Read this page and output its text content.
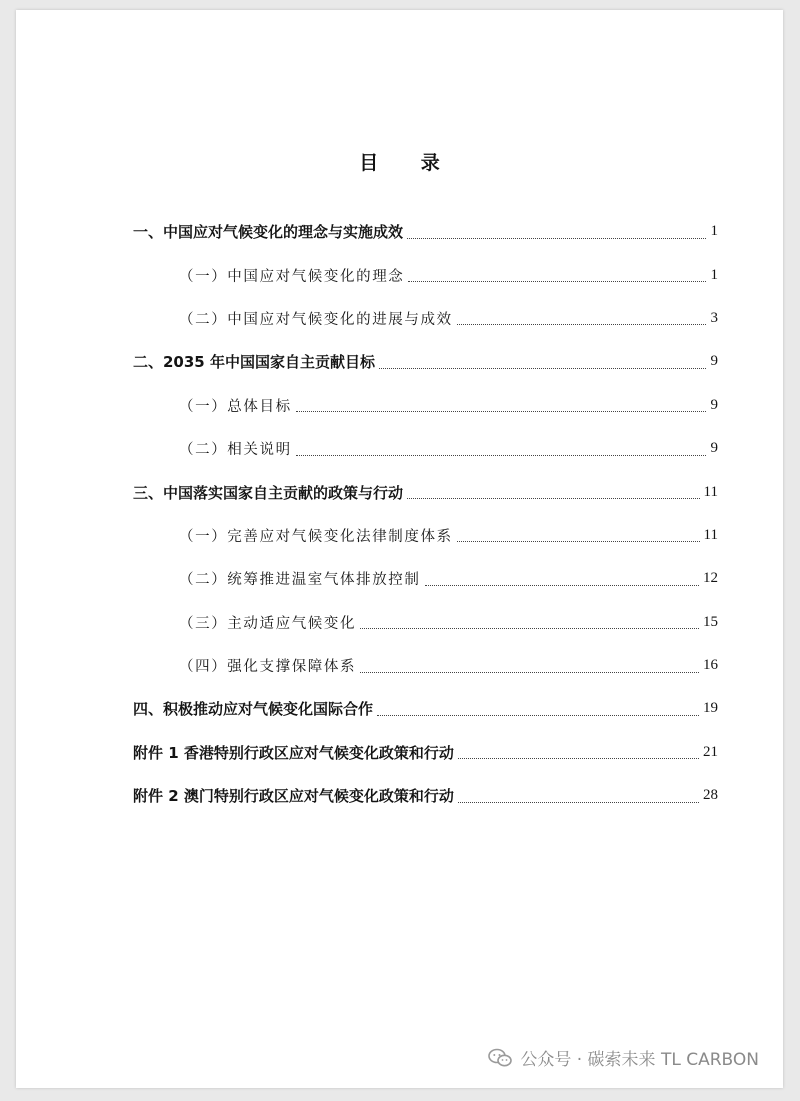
目 录
一、中国应对气候变化的理念与实施成效	1
（一）中国应对气候变化的理念	1
（二）中国应对气候变化的进展与成效	3
二、2035 年中国国家自主贡献目标	9
（一）总体目标	9
（二）相关说明	9
三、中国落实国家自主贡献的政策与行动	11
（一）完善应对气候变化法律制度体系	11
（二）统筹推进温室气体排放控制	12
（三）主动适应气候变化	15
（四）强化支撑保障体系	16
四、积极推动应对气候变化国际合作	19
附件 1 香港特别行政区应对气候变化政策和行动	21
附件 2 澳门特别行政区应对气候变化政策和行动	28
公众号 · 碳索未来 TL CARBON
